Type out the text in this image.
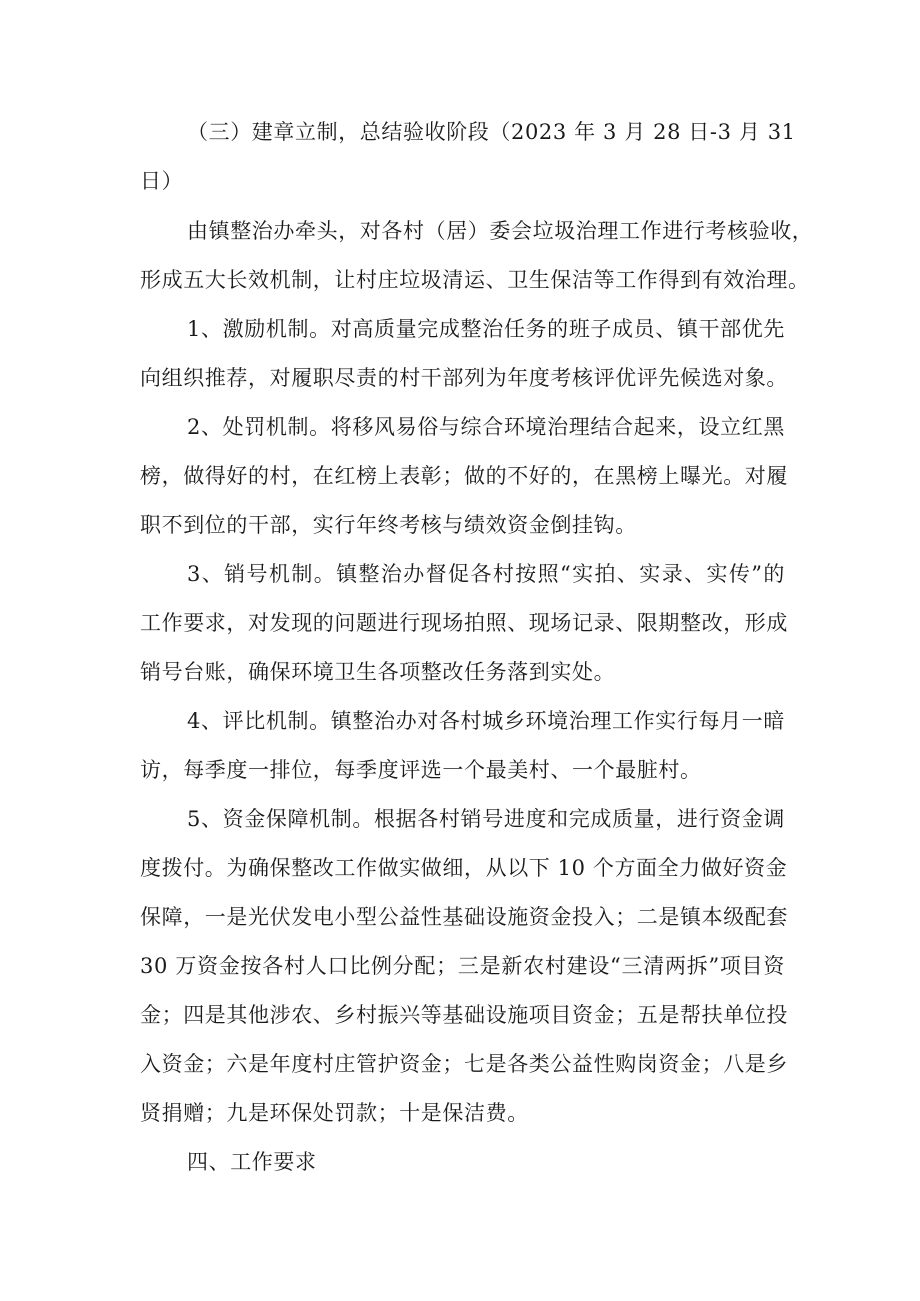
（三）建章立制，总结验收阶段（2023 年 3 月 28 日-3 月 31
日）
由镇整治办牵头，对各村（居）委会垃圾治理工作进行考核验收，
形成五大长效机制，让村庄垃圾清运、卫生保洁等工作得到有效治理。
1、激励机制。对高质量完成整治任务的班子成员、镇干部优先
向组织推荐，对履职尽责的村干部列为年度考核评优评先候选对象。
2、处罚机制。将移风易俗与综合环境治理结合起来，设立红黑
榜，做得好的村，在红榜上表彰；做的不好的，在黑榜上曝光。对履
职不到位的干部，实行年终考核与绩效资金倒挂钩。
3、销号机制。镇整治办督促各村按照“实拍、实录、实传”的
工作要求，对发现的问题进行现场拍照、现场记录、限期整改，形成
销号台账，确保环境卫生各项整改任务落到实处。
4、评比机制。镇整治办对各村城乡环境治理工作实行每月一暗
访，每季度一排位，每季度评选一个最美村、一个最脏村。
5、资金保障机制。根据各村销号进度和完成质量，进行资金调
度拨付。为确保整改工作做实做细，从以下 10 个方面全力做好资金
保障，一是光伏发电小型公益性基础设施资金投入；二是镇本级配套
30 万资金按各村人口比例分配；三是新农村建设“三清两拆”项目资
金；四是其他涉农、乡村振兴等基础设施项目资金；五是帮扶单位投
入资金；六是年度村庄管护资金；七是各类公益性购岗资金；八是乡
贤捐赠；九是环保处罚款；十是保洁费。
四、工作要求
